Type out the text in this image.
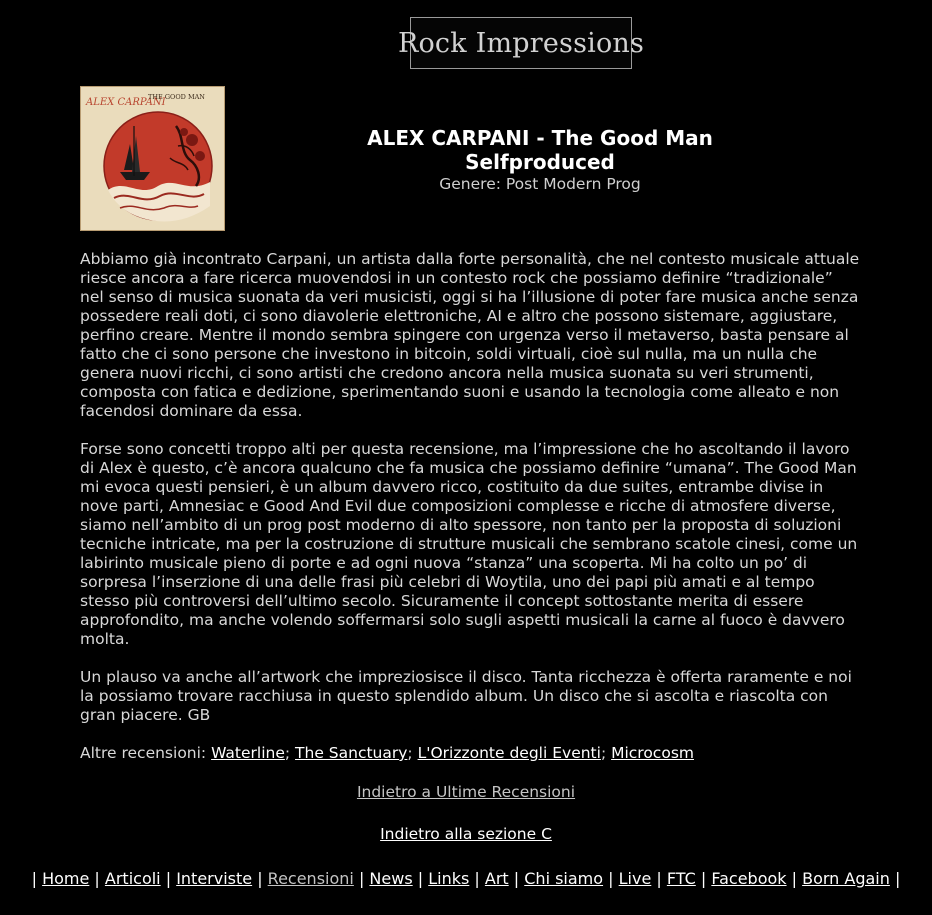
Rock Impressions
ALEX CARPANI
THE GOOD MAN
ALEX CARPANI - The Good Man
Selfproduced
Genere: Post Modern Prog

Abbiamo già incontrato Carpani, un artista dalla forte personalità, che nel contesto musicale attuale riesce ancora a fare ricerca muovendosi in un contesto rock che possiamo definire “tradizionale” nel senso di musica suonata da veri musicisti, oggi si ha l’illusione di poter fare musica anche senza possedere reali doti, ci sono diavolerie elettroniche, AI e altro che possono sistemare, aggiustare, perfino creare. Mentre il mondo sembra spingere con urgenza verso il metaverso, basta pensare al fatto che ci sono persone che investono in bitcoin, soldi virtuali, cioè sul nulla, ma un nulla che genera nuovi ricchi, ci sono artisti che credono ancora nella musica suonata su veri strumenti, composta con fatica e dedizione, sperimentando suoni e usando la tecnologia come alleato e non facendosi dominare da essa.

Forse sono concetti troppo alti per questa recensione, ma l’impressione che ho ascoltando il lavoro di Alex è questo, c’è ancora qualcuno che fa musica che possiamo definire “umana”. The Good Man mi evoca questi pensieri, è un album davvero ricco, costituito da due suites, entrambe divise in nove parti, Amnesiac e Good And Evil due composizioni complesse e ricche di atmosfere diverse, siamo nell’ambito di un prog post moderno di alto spessore, non tanto per la proposta di soluzioni tecniche intricate, ma per la costruzione di strutture musicali che sembrano scatole cinesi, come un labirinto musicale pieno di porte e ad ogni nuova “stanza” una scoperta. Mi ha colto un po’ di sorpresa l’inserzione di una delle frasi più celebri di Woytila, uno dei papi più amati e al tempo stesso più controversi dell’ultimo secolo. Sicuramente il concept sottostante merita di essere approfondito, ma anche volendo soffermarsi solo sugli aspetti musicali la carne al fuoco è davvero molta.

Un plauso va anche all’artwork che impreziosisce il disco. Tanta ricchezza è offerta raramente e noi la possiamo trovare racchiusa in questo splendido album. Un disco che si ascolta e riascolta con gran piacere. GB

Altre recensioni: Waterline; The Sanctuary; L'Orizzonte degli Eventi; Microcosm
Indietro a Ultime Recensioni
Indietro alla sezione C
| Home | Articoli | Interviste | Recensioni | News | Links | Art | Chi siamo | Live | FTC | Facebook | Born Again |
